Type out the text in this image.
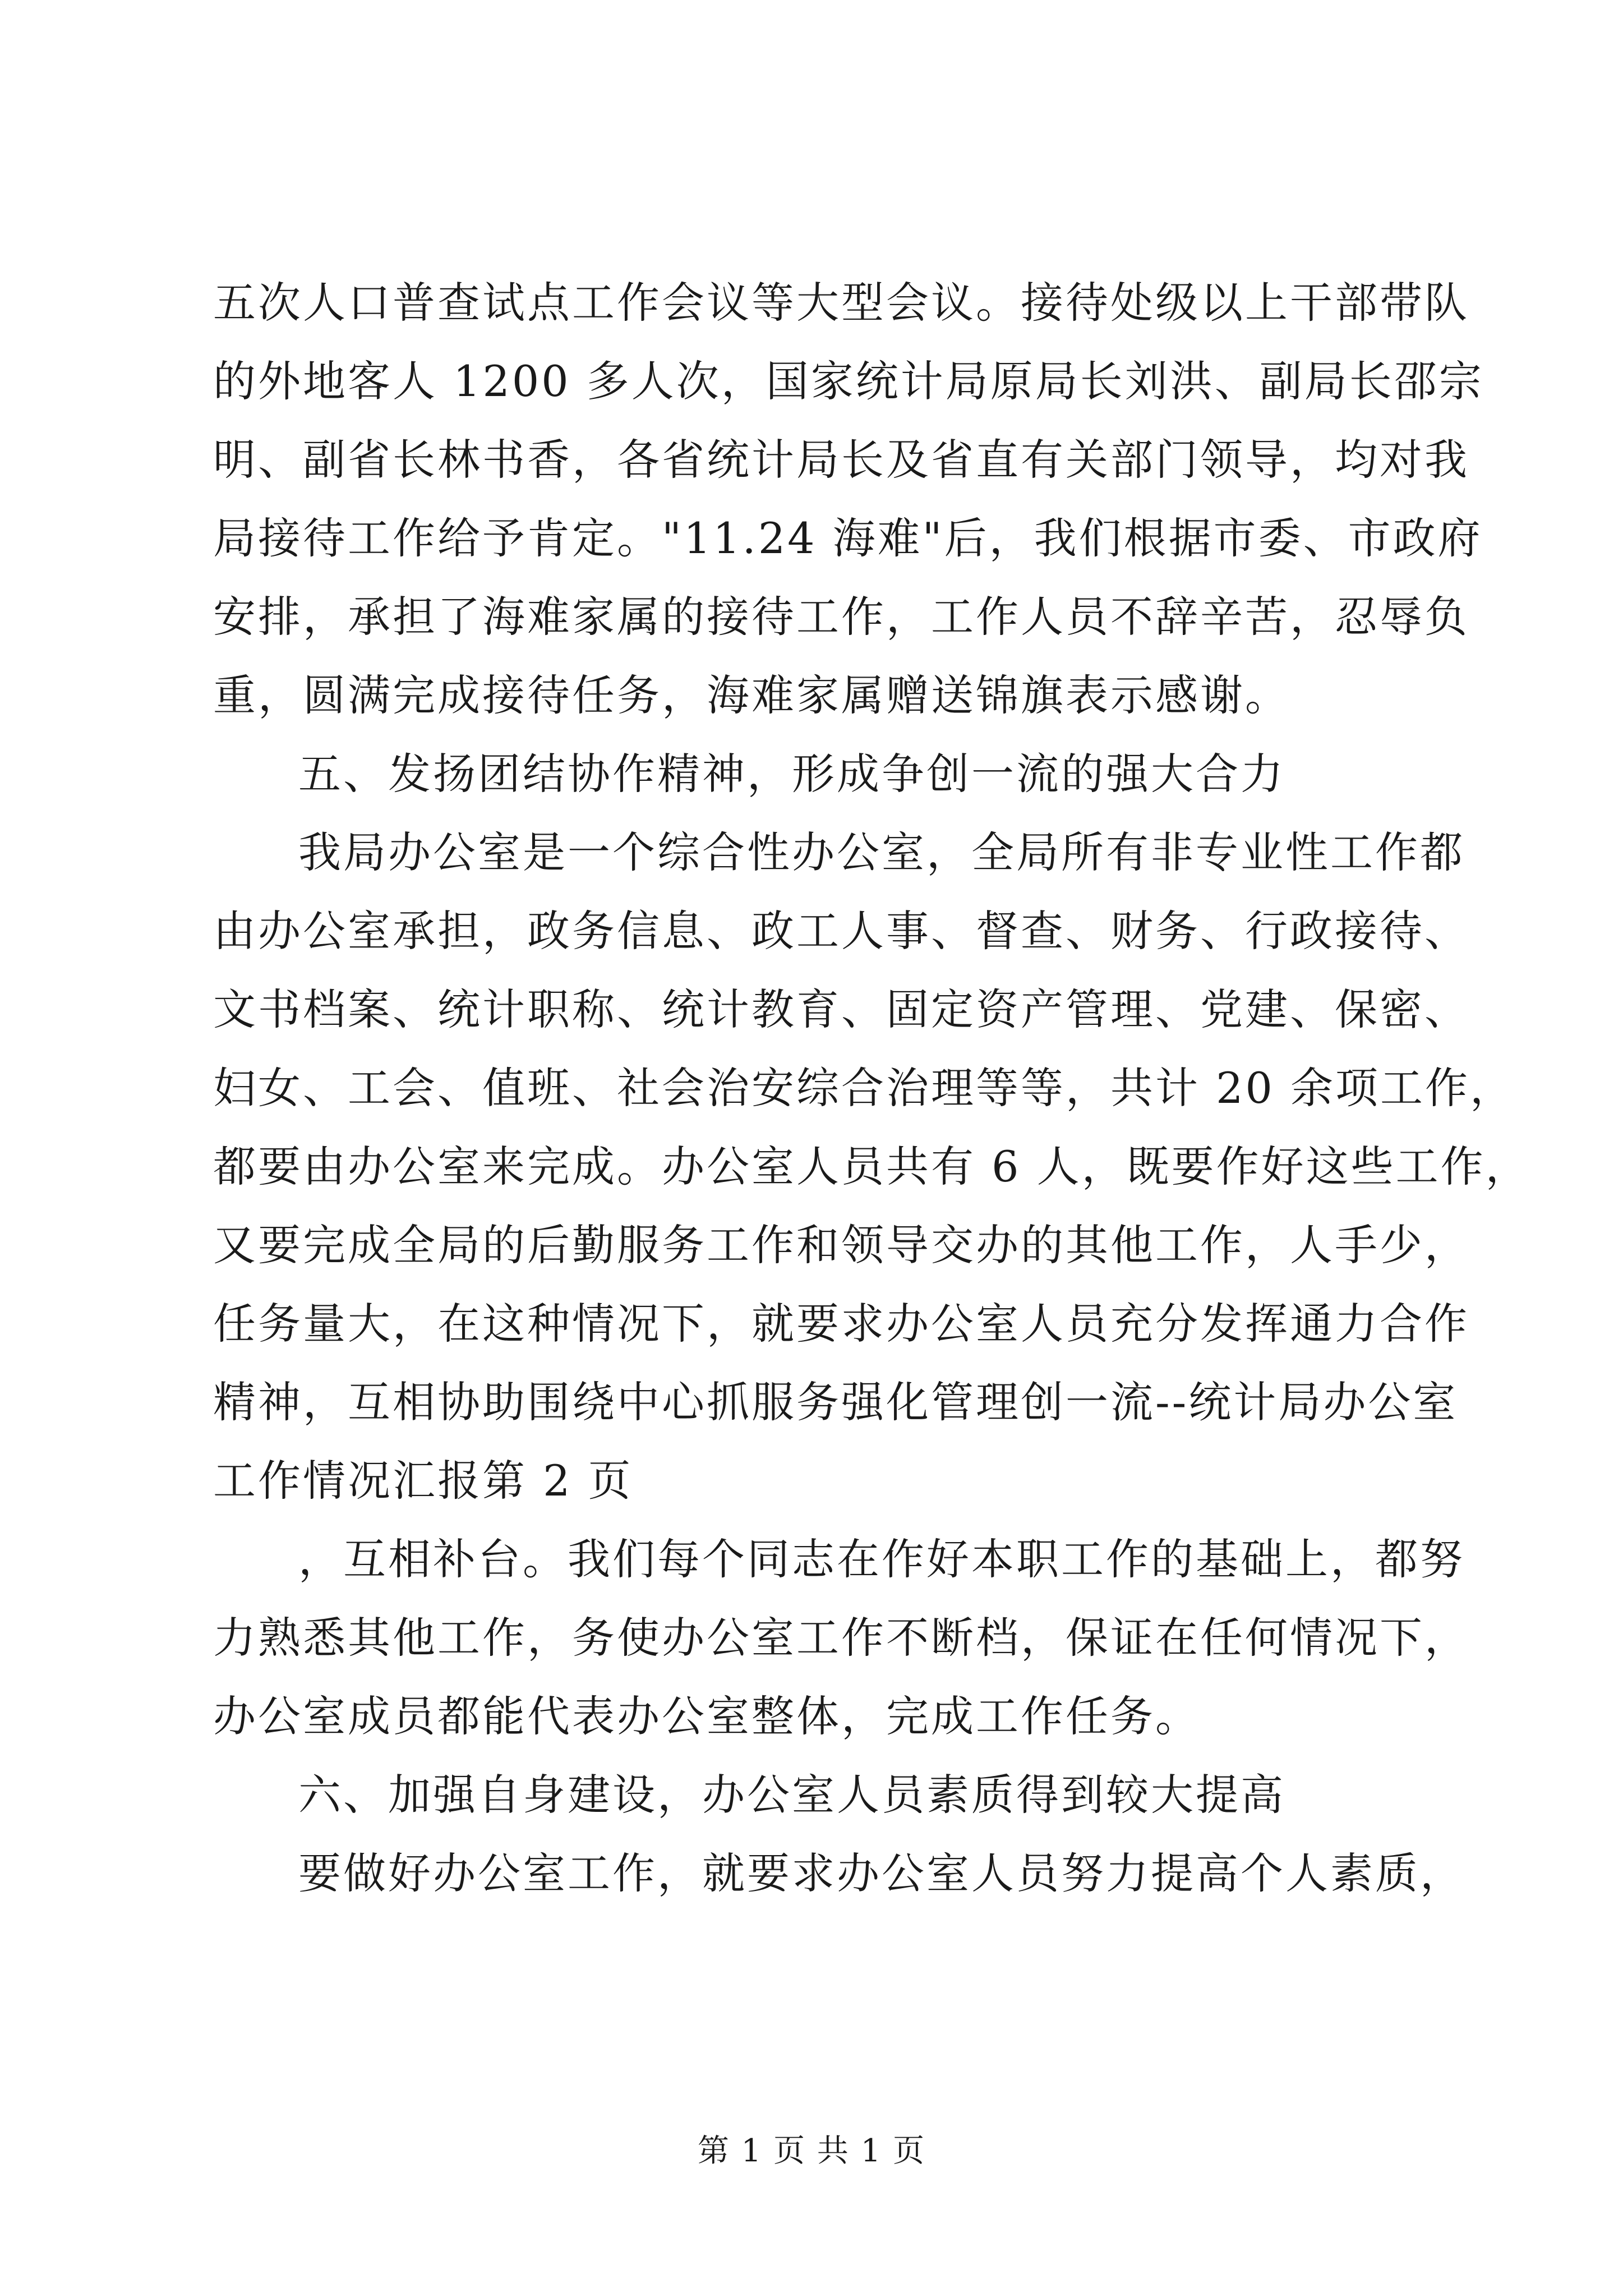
五次人口普查试点工作会议等大型会议。接待处级以上干部带队
的外地客人 1200 多人次，国家统计局原局长刘洪、副局长邵宗
明、副省长林书香，各省统计局长及省直有关部门领导，均对我
局接待工作给予肯定。"11.24 海难"后，我们根据市委、市政府
安排，承担了海难家属的接待工作，工作人员不辞辛苦，忍辱负
重，圆满完成接待任务，海难家属赠送锦旗表示感谢。
五、发扬团结协作精神，形成争创一流的强大合力
我局办公室是一个综合性办公室，全局所有非专业性工作都
由办公室承担，政务信息、政工人事、督查、财务、行政接待、
文书档案、统计职称、统计教育、固定资产管理、党建、保密、
妇女、工会、值班、社会治安综合治理等等，共计 20 余项工作，
都要由办公室来完成。办公室人员共有 6 人，既要作好这些工作，
又要完成全局的后勤服务工作和领导交办的其他工作，人手少，
任务量大，在这种情况下，就要求办公室人员充分发挥通力合作
精神，互相协助围绕中心抓服务强化管理创一流--统计局办公室
工作情况汇报第 2 页
，互相补台。我们每个同志在作好本职工作的基础上，都努
力熟悉其他工作，务使办公室工作不断档，保证在任何情况下，
办公室成员都能代表办公室整体，完成工作任务。
六、加强自身建设，办公室人员素质得到较大提高
要做好办公室工作，就要求办公室人员努力提高个人素质，
第 1 页 共 1 页
